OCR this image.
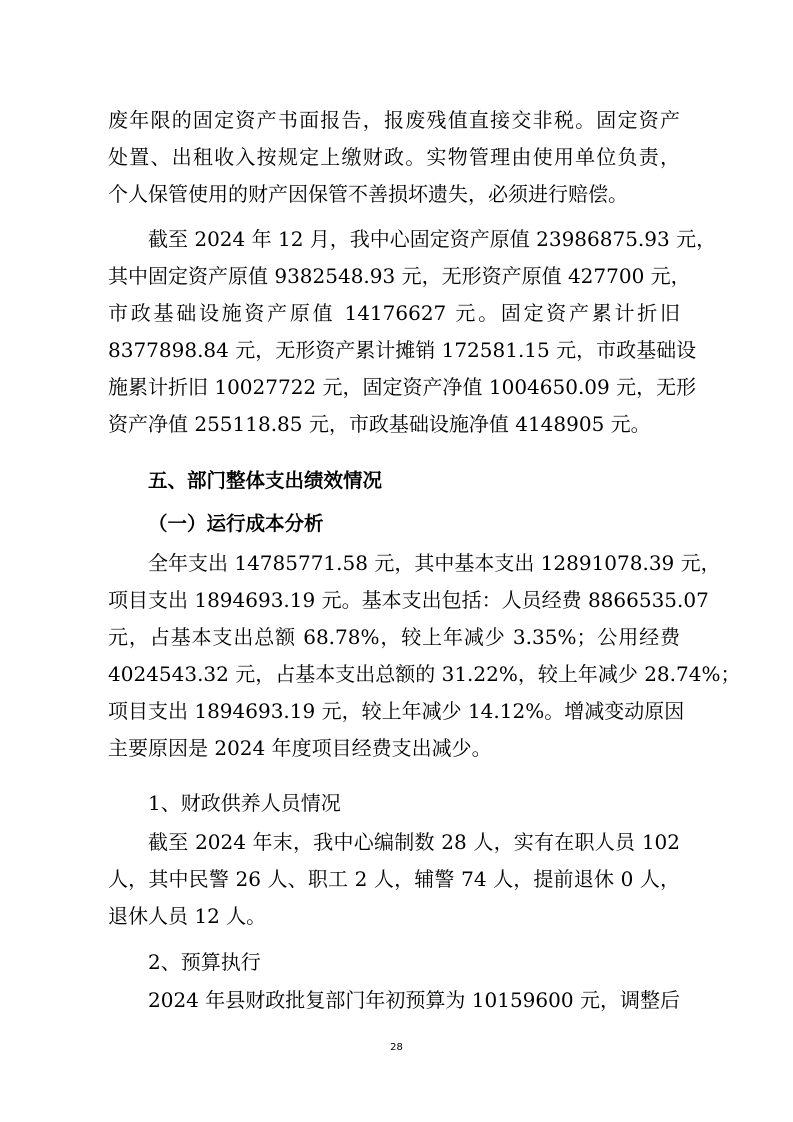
废年限的固定资产书面报告，报废残值直接交非税。固定资产
处置、出租收入按规定上缴财政。实物管理由使用单位负责，
个人保管使用的财产因保管不善损坏遗失，必须进行赔偿。
截至 2024 年 12 月，我中心固定资产原值 23986875.93 元，
其中固定资产原值 9382548.93 元，无形资产原值 427700 元，
市政基础设施资产原值 14176627 元。固定资产累计折旧
8377898.84 元，无形资产累计摊销 172581.15 元，市政基础设
施累计折旧 10027722 元，固定资产净值 1004650.09 元，无形
资产净值 255118.85 元，市政基础设施净值 4148905 元。
五、部门整体支出绩效情况
（一）运行成本分析
全年支出 14785771.58 元，其中基本支出 12891078.39 元，
项目支出 1894693.19 元。基本支出包括：人员经费 8866535.07
元，占基本支出总额 68.78%，较上年减少 3.35%；公用经费
4024543.32 元，占基本支出总额的 31.22%，较上年减少 28.74%；
项目支出 1894693.19 元，较上年减少 14.12%。增减变动原因
主要原因是 2024 年度项目经费支出减少。
1、财政供养人员情况
截至 2024 年末，我中心编制数 28 人，实有在职人员 102
人，其中民警 26 人、职工 2 人，辅警 74 人，提前退休 0 人，
退休人员 12 人。
2、预算执行
2024 年县财政批复部门年初预算为 10159600 元，调整后
28
